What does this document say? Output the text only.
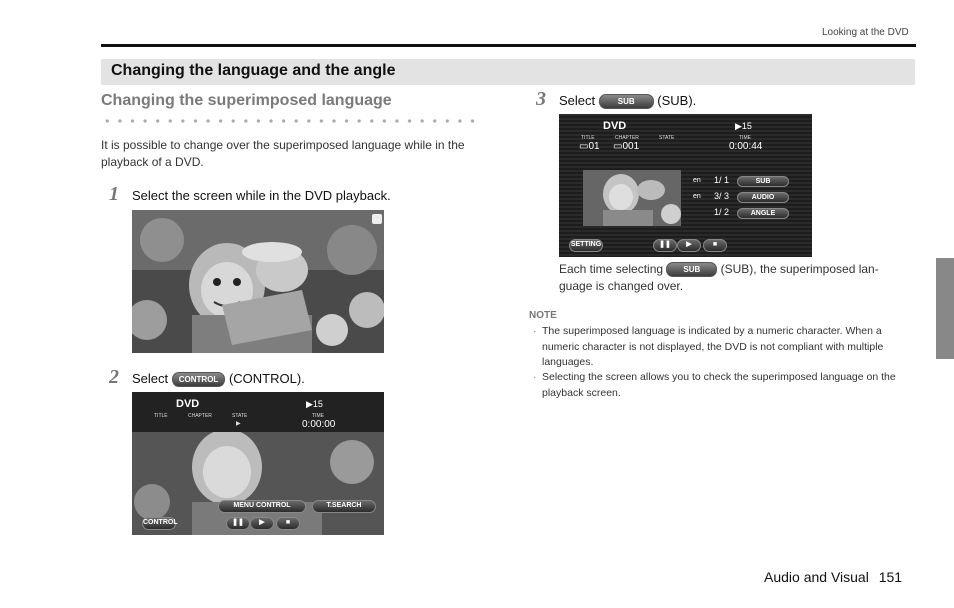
Looking at the DVD
Changing the language and the angle
Changing the superimposed language
It is possible to change over the superimposed language while in the playback of a DVD.
1 Select the screen while in the DVD playback.
2 Select CONTROL (CONTROL).
DVD	▶15
TITLE	CHAPTER	STATE
▶
TIME
0:00:00
MENU CONTROL	T.SEARCH
CONTROL	❚❚	▶	■
3 Select	SUB (SUB).
DVD	▶15
TITLE	CHAPTER	STATE	TIME
▭01 ▭001	0:00:44
en 1/ 1	SUB
en 3/ 3	AUDIO
1/ 2	ANGLE
SETTING	❚❚	▶	■
Each time selecting	SUB (SUB), the superimposed lan-
guage is changed over.
NOTE
· The superimposed language is indicated by a numeric character. When a numeric character is not displayed, the DVD is not compliant with multiple languages.
· Selecting the screen allows you to check the superimposed language on the playback screen.
Audio and Visual 151
